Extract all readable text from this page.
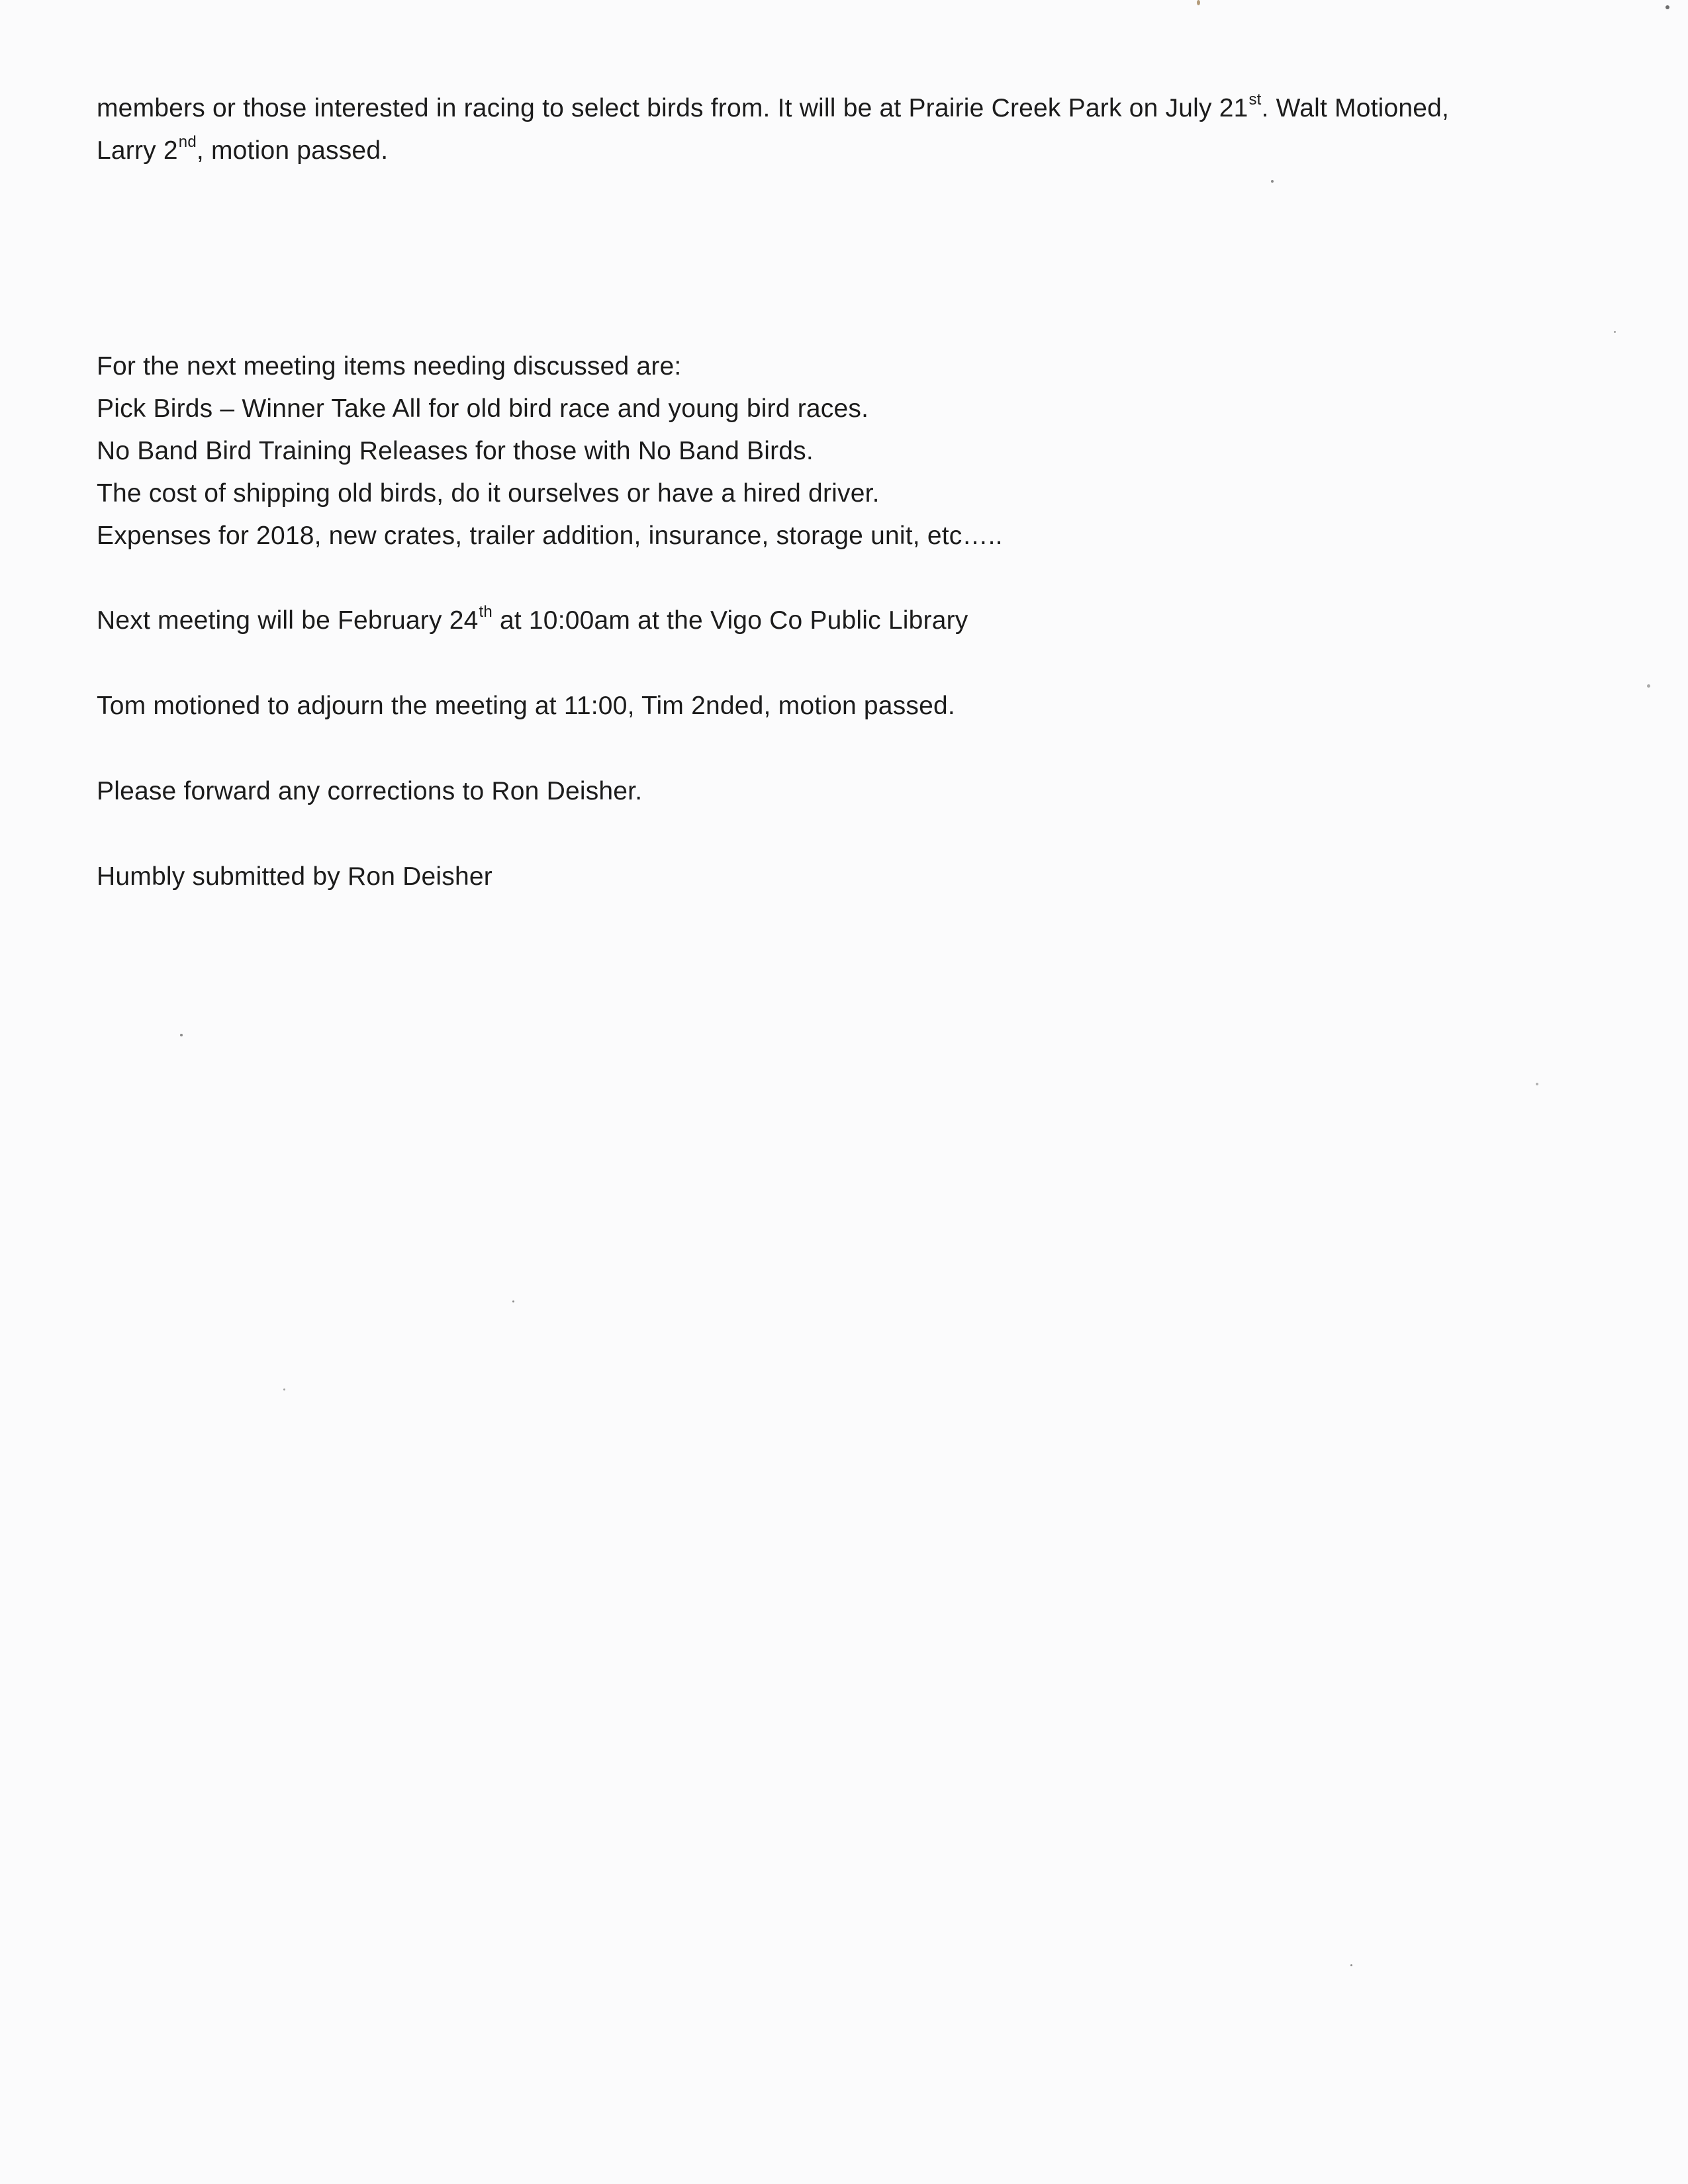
members or those interested in racing to select birds from. It will be at Prairie Creek Park on July 21st. Walt Motioned,
Larry 2nd, motion passed.
For the next meeting items needing discussed are:
Pick Birds – Winner Take All for old bird race and young bird races.
No Band Bird Training Releases for those with No Band Birds.
The cost of shipping old birds, do it ourselves or have a hired driver.
Expenses for 2018, new crates, trailer addition, insurance, storage unit, etc…..
Next meeting will be February 24th at 10:00am at the Vigo Co Public Library
Tom motioned to adjourn the meeting at 11:00, Tim 2nded, motion passed.
Please forward any corrections to Ron Deisher.
Humbly submitted by Ron Deisher
